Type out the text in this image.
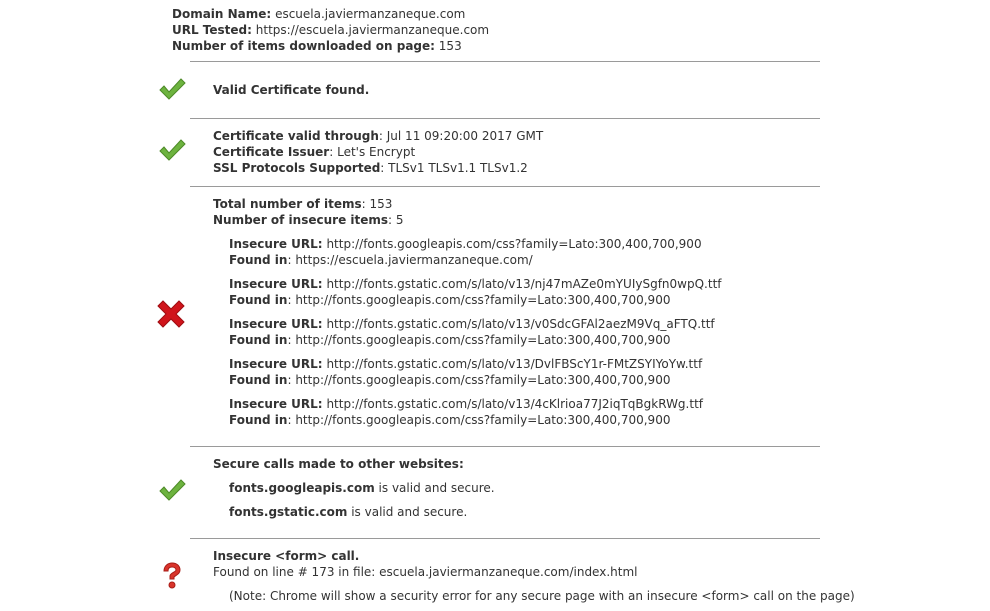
Domain Name: escuela.javiermanzaneque.com
URL Tested: https://escuela.javiermanzaneque.com
Number of items downloaded on page: 153
Valid Certificate found.
Certificate valid through: Jul 11 09:20:00 2017 GMT
Certificate Issuer: Let's Encrypt
SSL Protocols Supported: TLSv1 TLSv1.1 TLSv1.2
Total number of items: 153
Number of insecure items: 5
Insecure URL: http://fonts.googleapis.com/css?family=Lato:300,400,700,900
Found in: https://escuela.javiermanzaneque.com/
Insecure URL: http://fonts.gstatic.com/s/lato/v13/nj47mAZe0mYUIySgfn0wpQ.ttf
Found in: http://fonts.googleapis.com/css?family=Lato:300,400,700,900
Insecure URL: http://fonts.gstatic.com/s/lato/v13/v0SdcGFAl2aezM9Vq_aFTQ.ttf
Found in: http://fonts.googleapis.com/css?family=Lato:300,400,700,900
Insecure URL: http://fonts.gstatic.com/s/lato/v13/DvlFBScY1r-FMtZSYIYoYw.ttf
Found in: http://fonts.googleapis.com/css?family=Lato:300,400,700,900
Insecure URL: http://fonts.gstatic.com/s/lato/v13/4cKlrioa77J2iqTqBgkRWg.ttf
Found in: http://fonts.googleapis.com/css?family=Lato:300,400,700,900
Secure calls made to other websites:
fonts.googleapis.com is valid and secure.
fonts.gstatic.com is valid and secure.
Insecure <form> call.
Found on line # 173 in file: escuela.javiermanzaneque.com/index.html
(Note: Chrome will show a security error for any secure page with an insecure <form> call on the page)
